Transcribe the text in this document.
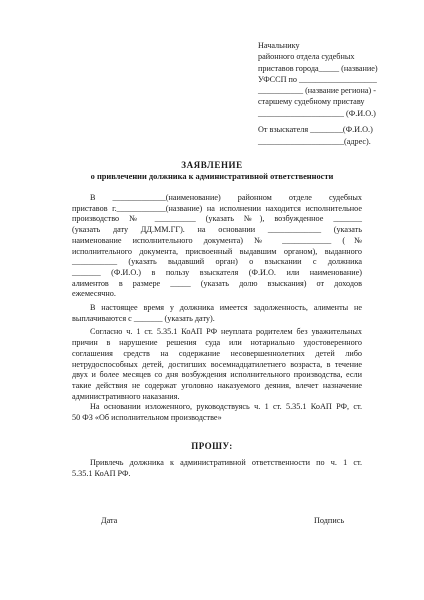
Начальнику
районного отдела судебных
приставов города_____ (название)
УФССП по ___________________
___________ (название региона) -
старшему судебному приставу
_____________________ (Ф.И.О.)
От взыскателя ________(Ф.И.О.)
_____________________(адрес).
ЗАЯВЛЕНИЕ
о привлечении должника к административной ответственности
В _____________(наименование) районном отделе судебных
приставов г.____________(название) на исполнении находится исполнительное
производство № __________ (указать №), возбужденное _______
(указать дату ДД.ММ.ГГ). на основании _____________ (указать
наименование исполнительного документа) № ____________ (№
исполнительного документа, присвоенный выдавшим органом), выданного
___________ (указать выдавший орган) о взыскании с должника
_______ (Ф.И.О.) в пользу взыскателя (Ф.И.О. или наименование)
алиментов в размере _____ (указать долю взыскания) от доходов
ежемесячно.
В настоящее время у должника имеется задолженность, алименты не
выплачиваются с _______ (указать дату).
Согласно ч. 1 ст. 5.35.1 КоАП РФ неуплата родителем без уважительных
причин в нарушение решения суда или нотариально удостоверенного
соглашения средств на содержание несовершеннолетних детей либо
нетрудоспособных детей, достигших восемнадцатилетнего возраста, в течение
двух и более месяцев со дня возбуждения исполнительного производства, если
такие действия не содержат уголовно наказуемого деяния, влечет назначение
административного наказания.
На основании изложенного, руководствуясь ч. 1 ст. 5.35.1 КоАП РФ, ст.
50 ФЗ «Об исполнительном производстве»
ПРОШУ:
Привлечь должника к административной ответственности по ч. 1 ст.
5.35.1 КоАП РФ.
Дата	Подпись
